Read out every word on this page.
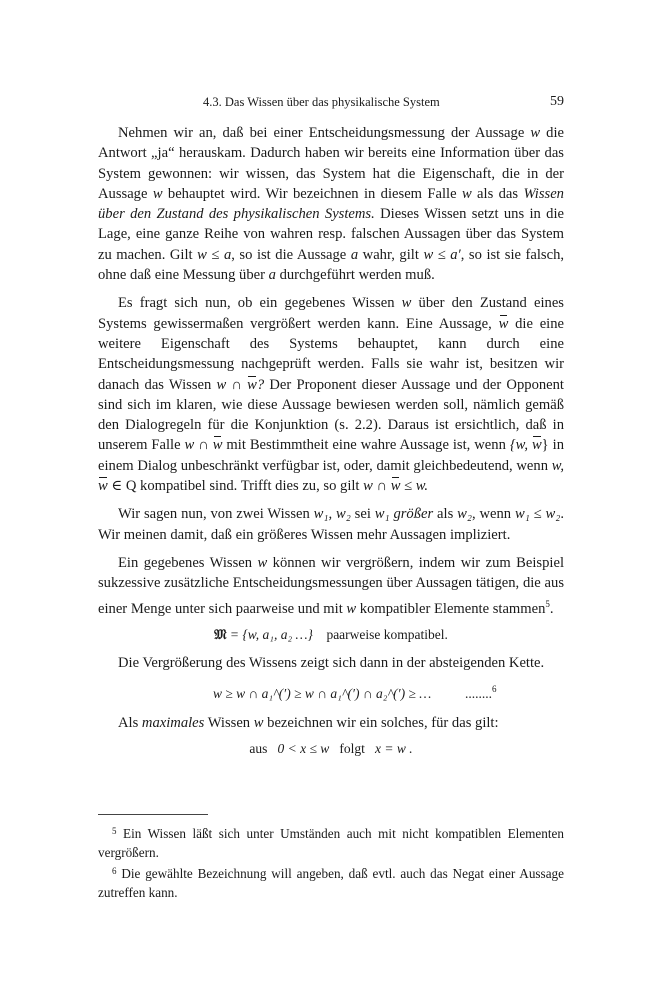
4.3. Das Wissen über das physikalische System	59

Nehmen wir an, daß bei einer Entscheidungsmessung der Aussage w die Antwort „ja“ herauskam. Dadurch haben wir bereits eine Information über das System gewonnen: wir wissen, das System hat die Eigenschaft, die in der Aussage w behauptet wird. Wir bezeichnen in diesem Falle w als das Wissen über den Zustand des physikalischen Systems. Dieses Wissen setzt uns in die Lage, eine ganze Reihe von wahren resp. falschen Aussagen über das System zu machen. Gilt w ≤ a, so ist die Aussage a wahr, gilt w ≤ a′, so ist sie falsch, ohne daß eine Messung über a durchgeführt werden muß.

Es fragt sich nun, ob ein gegebenes Wissen w über den Zustand eines Systems gewissermaßen vergrößert werden kann. Eine Aussage, w die eine weitere Eigenschaft des Systems behauptet, kann durch eine Entscheidungsmessung nachgeprüft werden. Falls sie wahr ist, besitzen wir danach das Wissen w ∩ w? Der Proponent dieser Aussage und der Opponent sind sich im klaren, wie diese Aussage bewiesen werden soll, nämlich gemäß den Dialogregeln für die Konjunktion (s. 2.2). Daraus ist ersichtlich, daß in unserem Falle w ∩ w mit Bestimmtheit eine wahre Aussage ist, wenn {w, w} in einem Dialog unbeschränkt verfügbar ist, oder, damit gleichbedeutend, wenn w, w ∈ Q kompatibel sind. Trifft dies zu, so gilt w ∩ w ≤ w.

Wir sagen nun, von zwei Wissen w₁, w₂ sei w₁ größer als w₂, wenn w₁ ≤ w₂. Wir meinen damit, daß ein größeres Wissen mehr Aussagen impliziert.

Ein gegebenes Wissen w können wir vergrößern, indem wir zum Beispiel sukzessive zusätzliche Entscheidungsmessungen über Aussagen tätigen, die aus einer Menge unter sich paarweise und mit w kompatibler Elemente stammen$^5$.

𝔐 = {w, a₁, a₂ …} paarweise kompatibel.

Die Vergrößerung des Wissens zeigt sich dann in der absteigenden Kette.

w ≥ w ∩ a₁^(′) ≥ w ∩ a₁^(′) ∩ a₂^(′) ≥ …	........$^6$

Als maximales Wissen w bezeichnen wir ein solches, für das gilt:

aus 0 < x ≤ w folgt x = w .
$^5$ Ein Wissen läßt sich unter Umständen auch mit nicht kompatiblen Elementen vergrößern.
$^6$ Die gewählte Bezeichnung will angeben, daß evtl. auch das Negat einer Aussage zutreffen kann.
